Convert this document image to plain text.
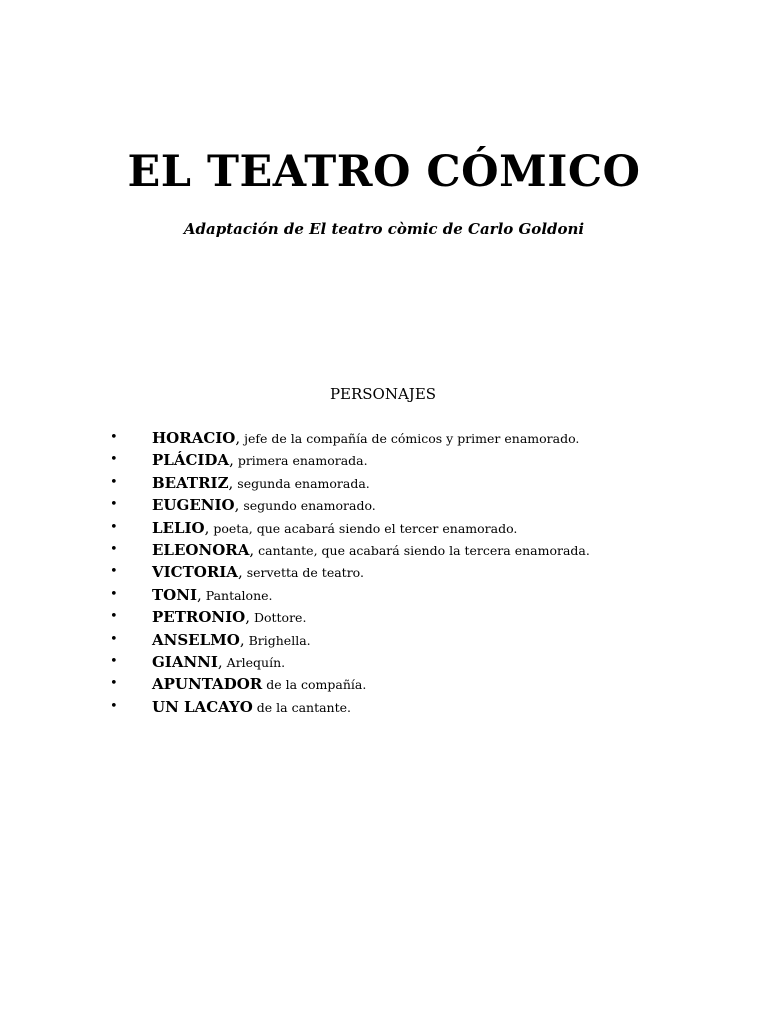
EL TEATRO CÓMICO

Adaptación de El teatro còmic de Carlo Goldoni

PERSONAJES

• HORACIO, jefe de la compañía de cómicos y primer enamorado.
• PLÁCIDA, primera enamorada.
• BEATRIZ, segunda enamorada.
• EUGENIO, segundo enamorado.
• LELIO, poeta, que acabará siendo el tercer enamorado.
• ELEONORA, cantante, que acabará siendo la tercera enamorada.
• VICTORIA, servetta de teatro.
• TONI, Pantalone.
• PETRONIO, Dottore.
• ANSELMO, Brighella.
• GIANNI, Arlequín.
• APUNTADOR de la compañía.
• UN LACAYO de la cantante.
